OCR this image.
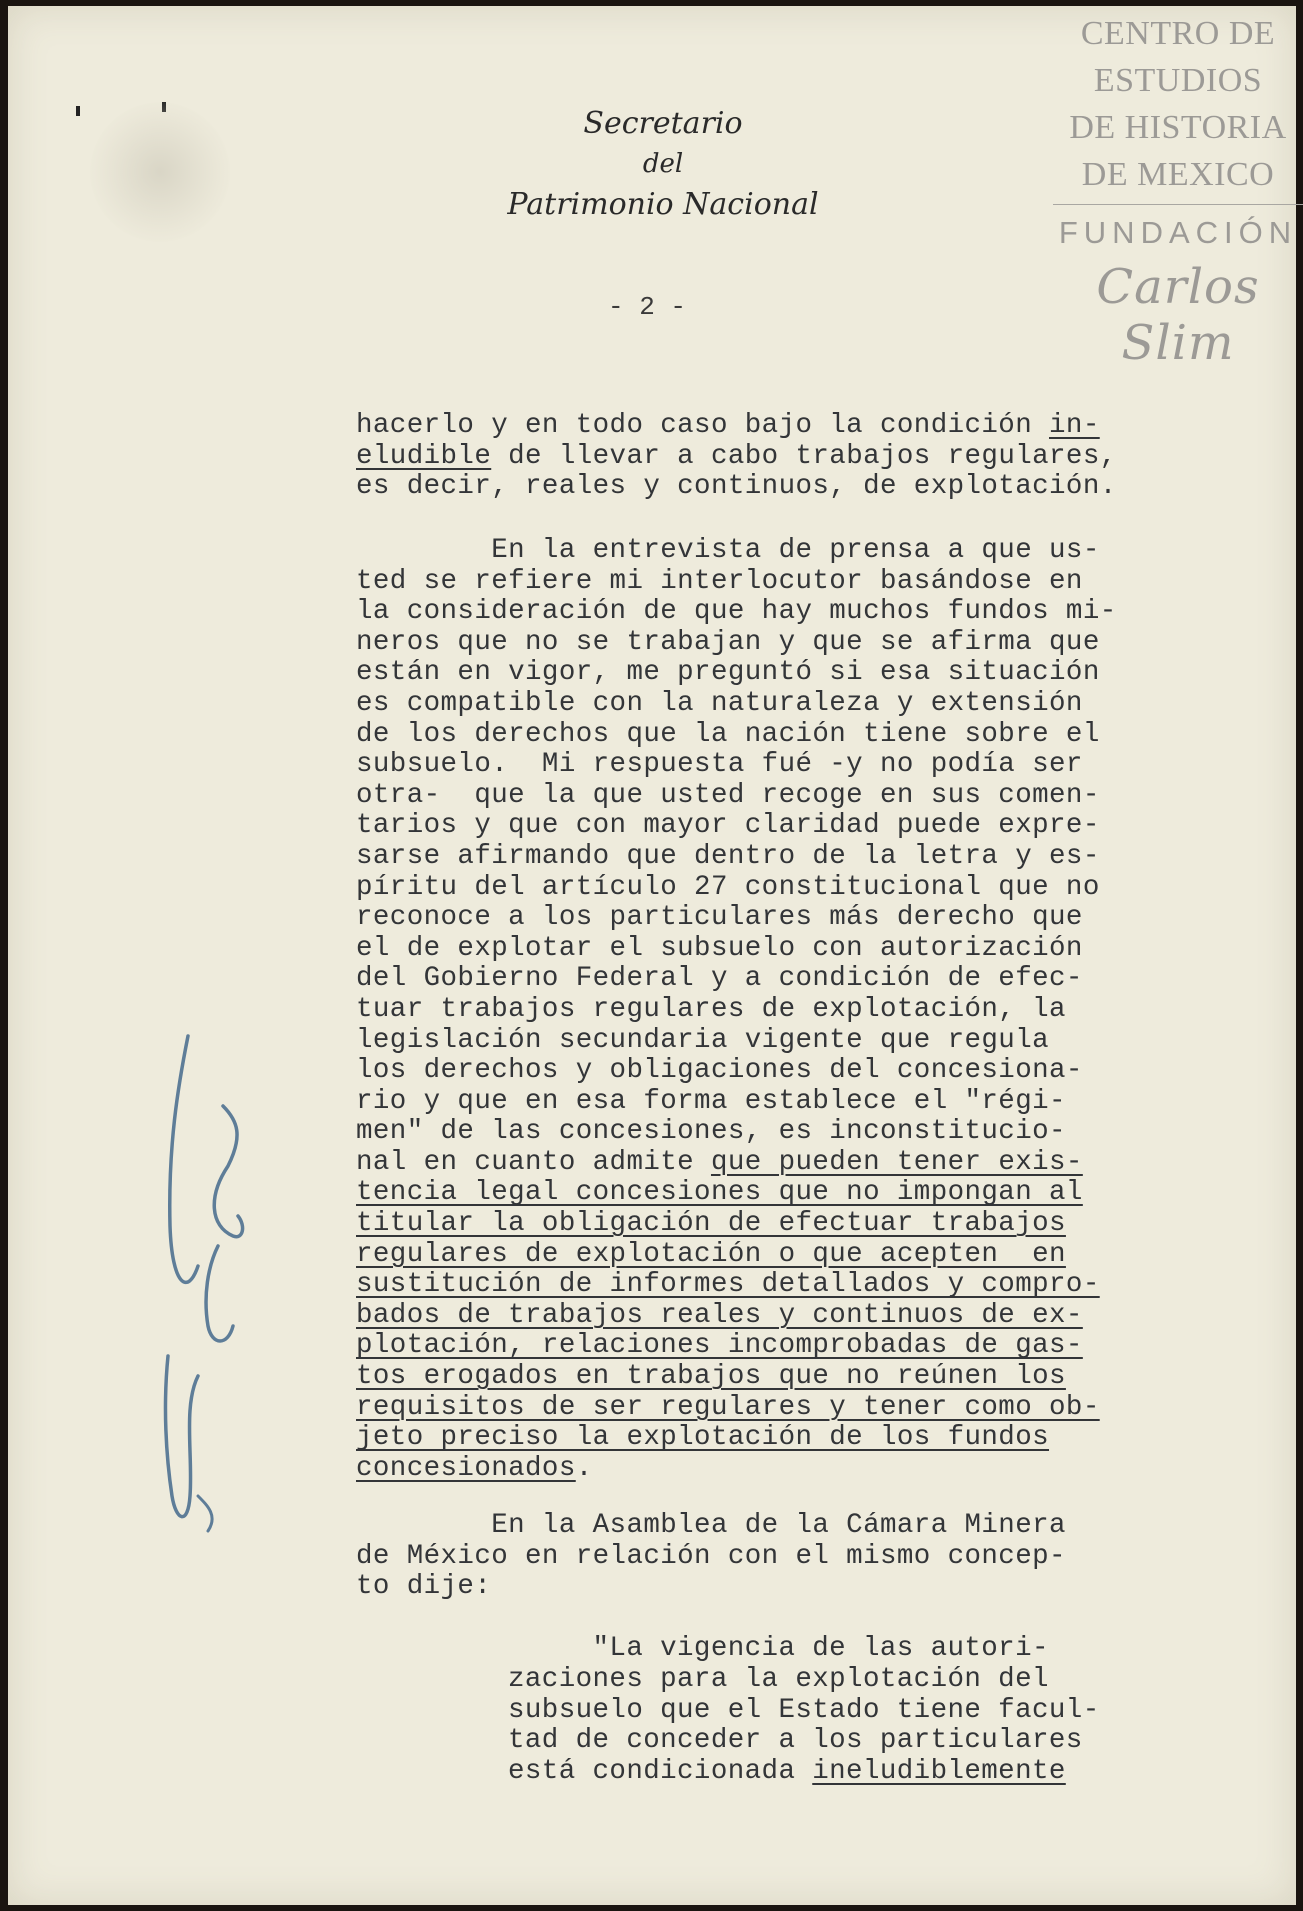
Secretario
del
Patrimonio Nacional
- 2 -
CENTRO DE
ESTUDIOS
DE HISTORIA
DE MEXICO
FUNDACIÓN
Carlos Slim
hacerlo y en todo caso bajo la condición in-
eludible de llevar a cabo trabajos regulares,
es decir, reales y continuos, de explotación.
En la entrevista de prensa a que us-
ted se refiere mi interlocutor basándose en
la consideración de que hay muchos fundos mi-
neros que no se trabajan y que se afirma que
están en vigor, me preguntó si esa situación
es compatible con la naturaleza y extensión
de los derechos que la nación tiene sobre el
subsuelo.  Mi respuesta fué -y no podía ser
otra-  que la que usted recoge en sus comen-
tarios y que con mayor claridad puede expre-
sarse afirmando que dentro de la letra y es-
píritu del artículo 27 constitucional que no
reconoce a los particulares más derecho que
el de explotar el subsuelo con autorización
del Gobierno Federal y a condición de efec-
tuar trabajos regulares de explotación, la
legislación secundaria vigente que regula
los derechos y obligaciones del concesiona-
rio y que en esa forma establece el "régi-
men" de las concesiones, es inconstitucio-
nal en cuanto admite que pueden tener exis-
tencia legal concesiones que no impongan al
titular la obligación de efectuar trabajos
regulares de explotación o que acepten  en
sustitución de informes detallados y compro-
bados de trabajos reales y continuos de ex-
plotación, relaciones incomprobadas de gas-
tos erogados en trabajos que no reúnen los
requisitos de ser regulares y tener como ob-
jeto preciso la explotación de los fundos
concesionados.
En la Asamblea de la Cámara Minera
de México en relación con el mismo concep-
to dije:
"La vigencia de las autori-
zaciones para la explotación del
subsuelo que el Estado tiene facul-
tad de conceder a los particulares
está condicionada ineludiblemente
